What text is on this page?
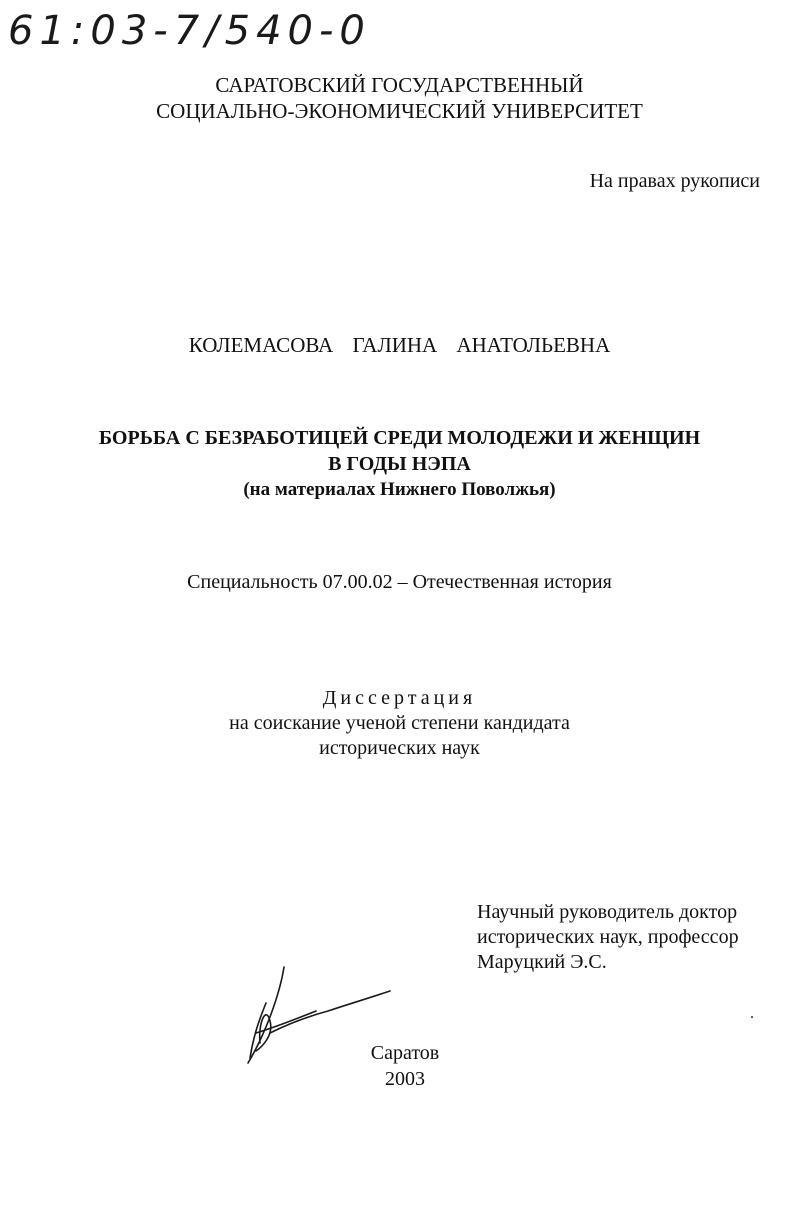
61:03-7/540-0
САРАТОВСКИЙ ГОСУДАРСТВЕННЫЙ
СОЦИАЛЬНО-ЭКОНОМИЧЕСКИЙ УНИВЕРСИТЕТ
На правах рукописи
КОЛЕМАСОВА ГАЛИНА АНАТОЛЬЕВНА
БОРЬБА С БЕЗРАБОТИЦЕЙ СРЕДИ МОЛОДЕЖИ И ЖЕНЩИН
В ГОДЫ НЭПА
(на материалах Нижнего Поволжья)
Специальность 07.00.02 – Отечественная история
Диссертация
на соискание ученой степени кандидата
исторических наук
Научный руководитель доктор
исторических наук, профессор
Маруцкий Э.С.
Саратов
2003
